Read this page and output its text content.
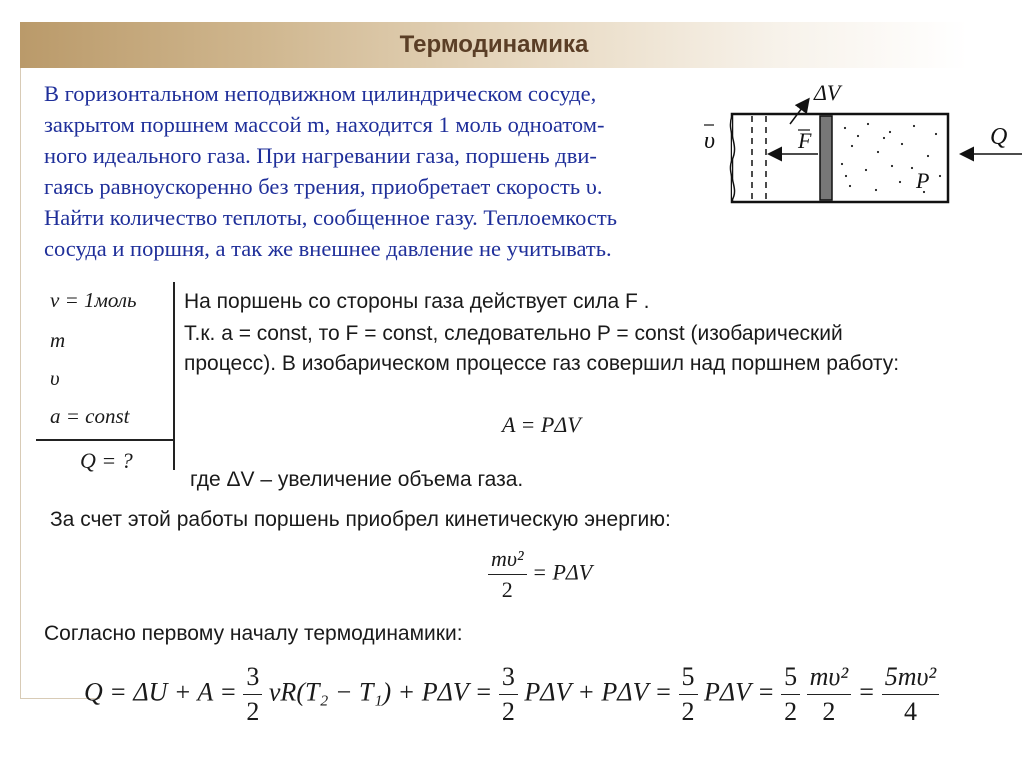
Термодинамика
В горизонтальном неподвижном цилиндрическом сосуде,
закрытом поршнем массой m, находится 1 моль одноатом-
ного идеального газа. При нагревании газа, поршень дви-
гаясь равноускоренно без трения, приобретает скорость υ.
Найти количество теплоты, сообщенное газу. Теплоемкость
сосуда и поршня, а так же внешнее давление не учитывать.
ΔV
F
υ
P
Q
ν = 1моль
m
υ
a = const
Q = ?
На поршень со стороны газа действует сила F .
Т.к. a = const, то F = const, следовательно P = const (изобарический
процесс). В изобарическом процессе газ совершил над поршнем работу:
A = PΔV
где ΔV – увеличение объема газа.
За счет этой работы поршень приобрел кинетическую энергию:
$\frac{\text{mυ²}}{2} = P\Delta V$
Согласно первому началу термодинамики:
$Q = \Delta U + A = \frac{3}{2} \nu R(T_2 - T_1) + P\Delta V = \frac{3}{2}$ $P\Delta V + P\Delta V = \frac{5}{2}$ $P\Delta V = \frac{5}{2}$
$\frac{\text{mυ²}}{2} = \frac{\text{5mυ²}}{4}$
